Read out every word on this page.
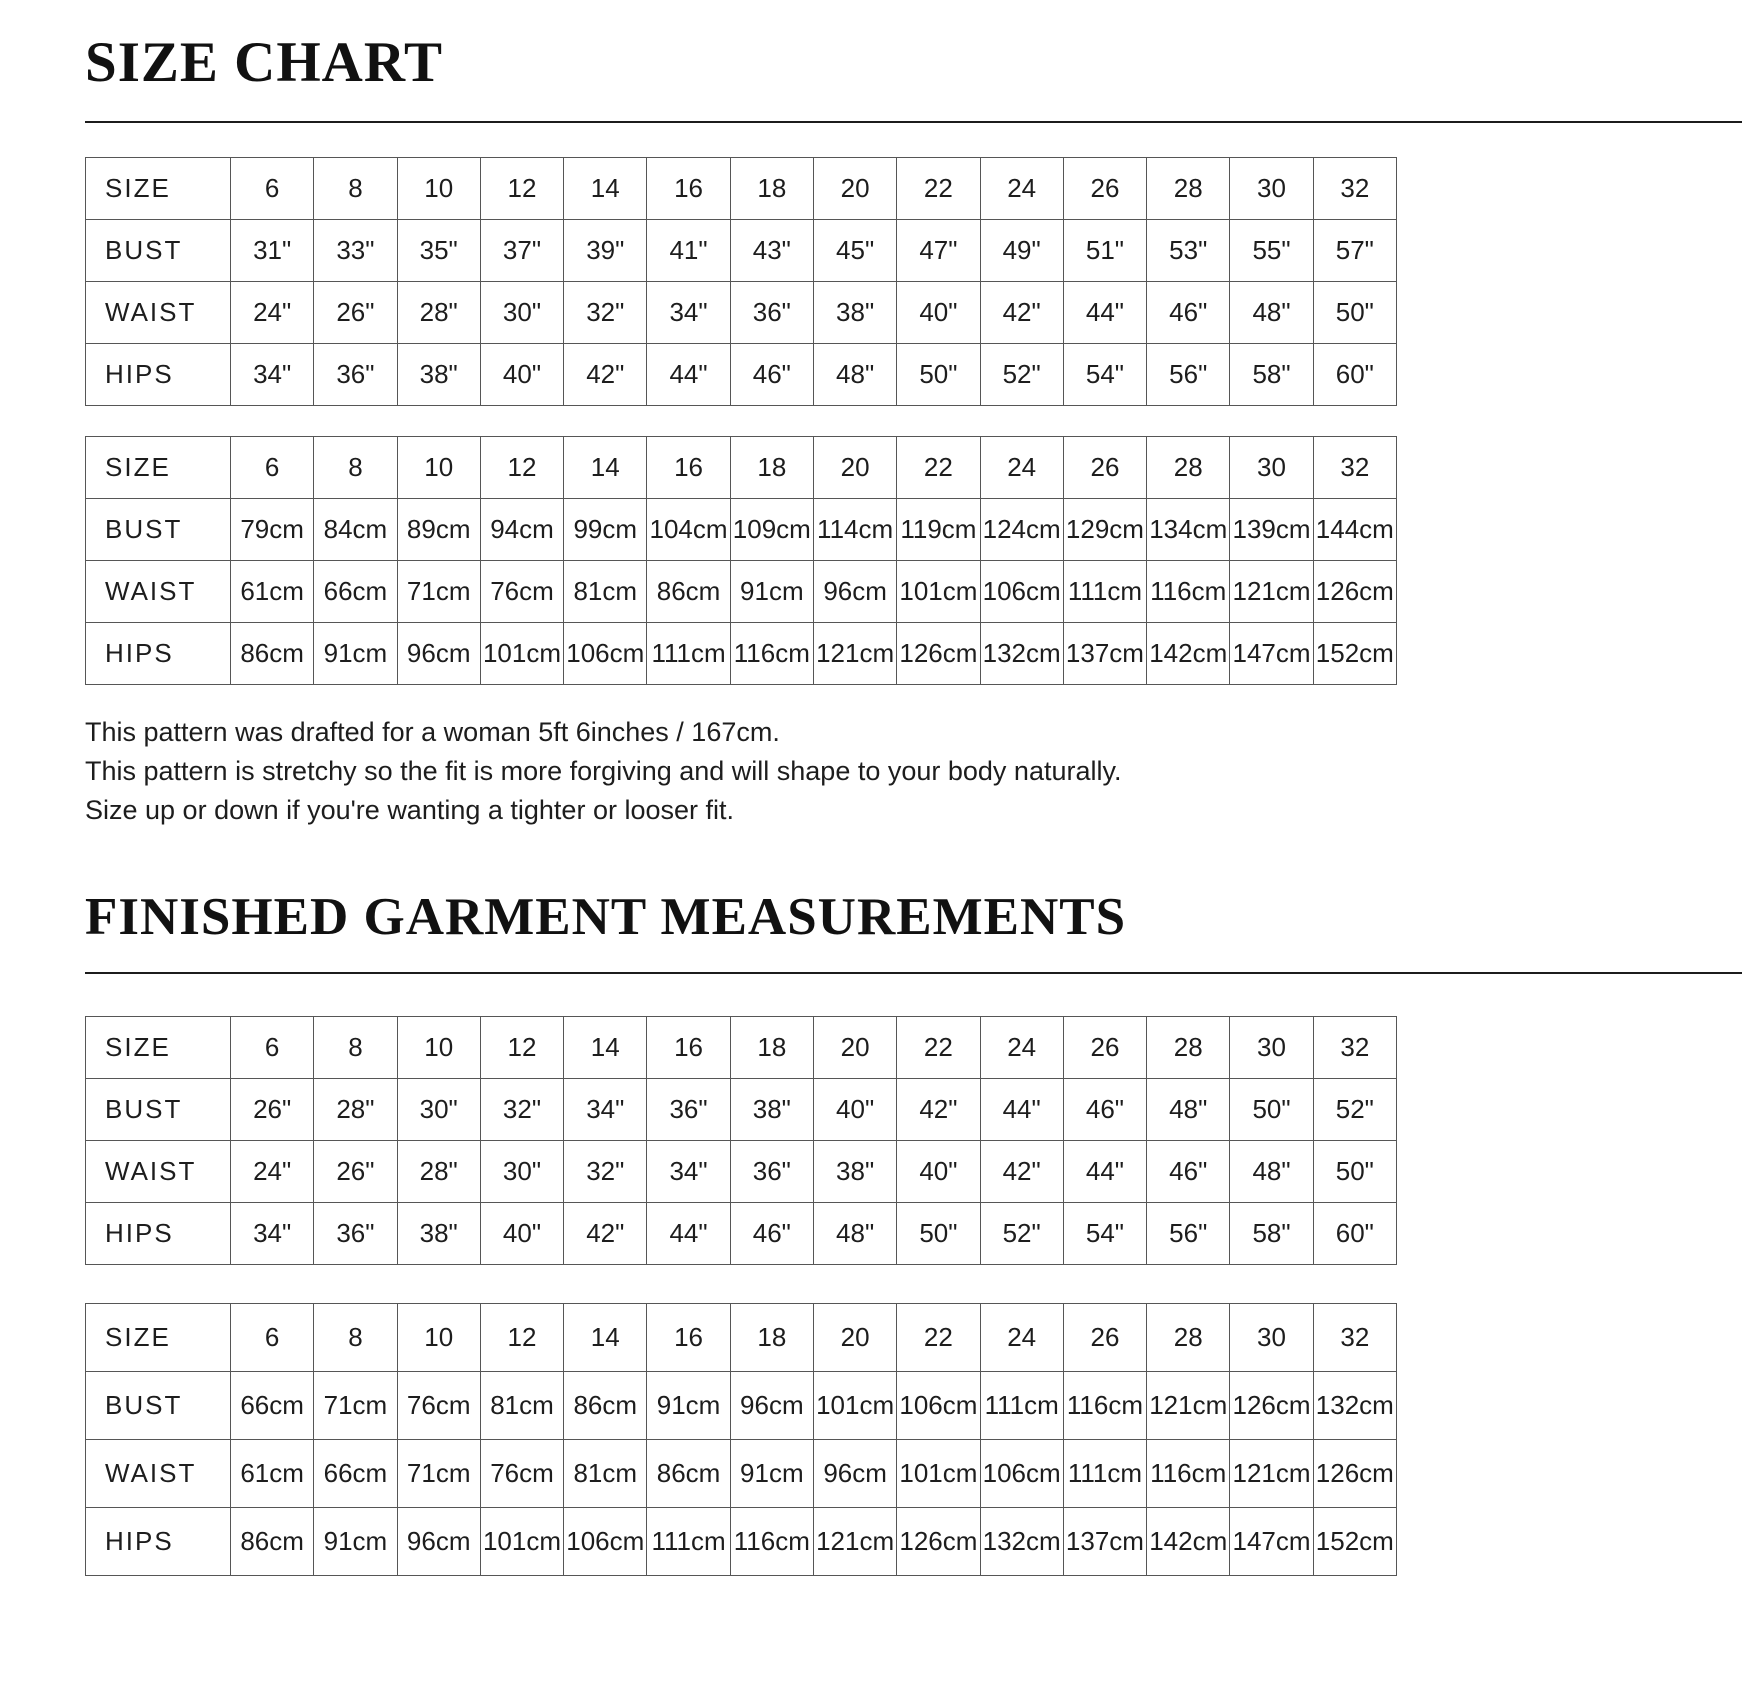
SIZE CHART
SIZE	6	8	10	12	14	16	18	20	22	24	26	28	30	32
BUST	31"	33"	35"	37"	39"	41"	43"	45"	47"	49"	51"	53"	55"	57"
WAIST	24"	26"	28"	30"	32"	34"	36"	38"	40"	42"	44"	46"	48"	50"
HIPS	34"	36"	38"	40"	42"	44"	46"	48"	50"	52"	54"	56"	58"	60"
SIZE	6	8	10	12	14	16	18	20	22	24	26	28	30	32
BUST	79cm	84cm	89cm	94cm	99cm	104cm	109cm	114cm	119cm	124cm	129cm	134cm	139cm	144cm
WAIST	61cm	66cm	71cm	76cm	81cm	86cm	91cm	96cm	101cm	106cm	111cm	116cm	121cm	126cm
HIPS	86cm	91cm	96cm	101cm	106cm	111cm	116cm	121cm	126cm	132cm	137cm	142cm	147cm	152cm

This pattern was drafted for a woman 5ft 6inches / 167cm.

This pattern is stretchy so the fit is more forgiving and will shape to your body naturally.

Size up or down if you're wanting a tighter or looser fit.

FINISHED GARMENT MEASUREMENTS
SIZE	6	8	10	12	14	16	18	20	22	24	26	28	30	32
BUST	26"	28"	30"	32"	34"	36"	38"	40"	42"	44"	46"	48"	50"	52"
WAIST	24"	26"	28"	30"	32"	34"	36"	38"	40"	42"	44"	46"	48"	50"
HIPS	34"	36"	38"	40"	42"	44"	46"	48"	50"	52"	54"	56"	58"	60"
SIZE	6	8	10	12	14	16	18	20	22	24	26	28	30	32
BUST	66cm	71cm	76cm	81cm	86cm	91cm	96cm	101cm	106cm	111cm	116cm	121cm	126cm	132cm
WAIST	61cm	66cm	71cm	76cm	81cm	86cm	91cm	96cm	101cm	106cm	111cm	116cm	121cm	126cm
HIPS	86cm	91cm	96cm	101cm	106cm	111cm	116cm	121cm	126cm	132cm	137cm	142cm	147cm	152cm
